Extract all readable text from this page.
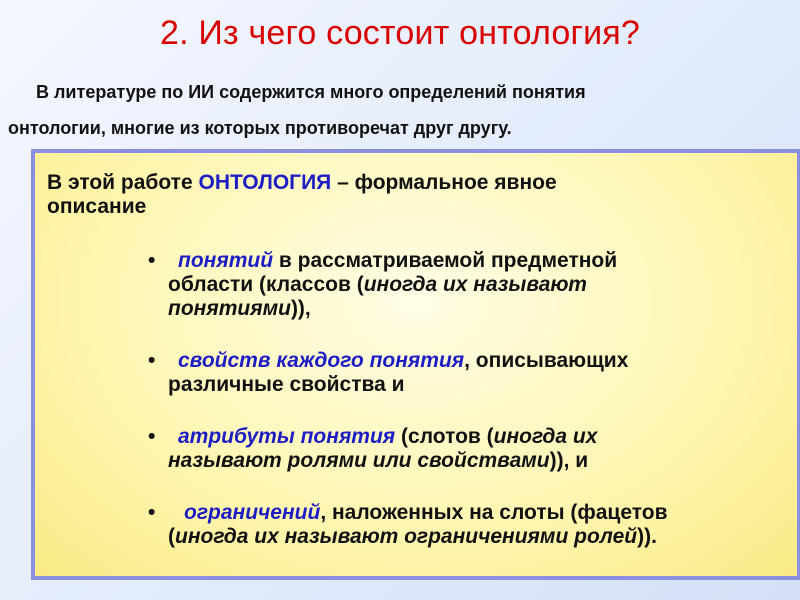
2. Из чего состоит онтология?

В литературе по ИИ содержится много определений понятия
онтологии, многие из которых противоречат друг другу.

В этой работе ОНТОЛОГИЯ – формальное явное
описание

• понятий в рассматриваемой предметной
области (классов (иногда их называют
понятиями)),
• свойств каждого понятия, описывающих
различные свойства и
• атрибуты понятия (слотов (иногда их
называют ролями или свойствами)), и
• ограничений, наложенных на слоты (фацетов
(иногда их называют ограничениями ролей)).
